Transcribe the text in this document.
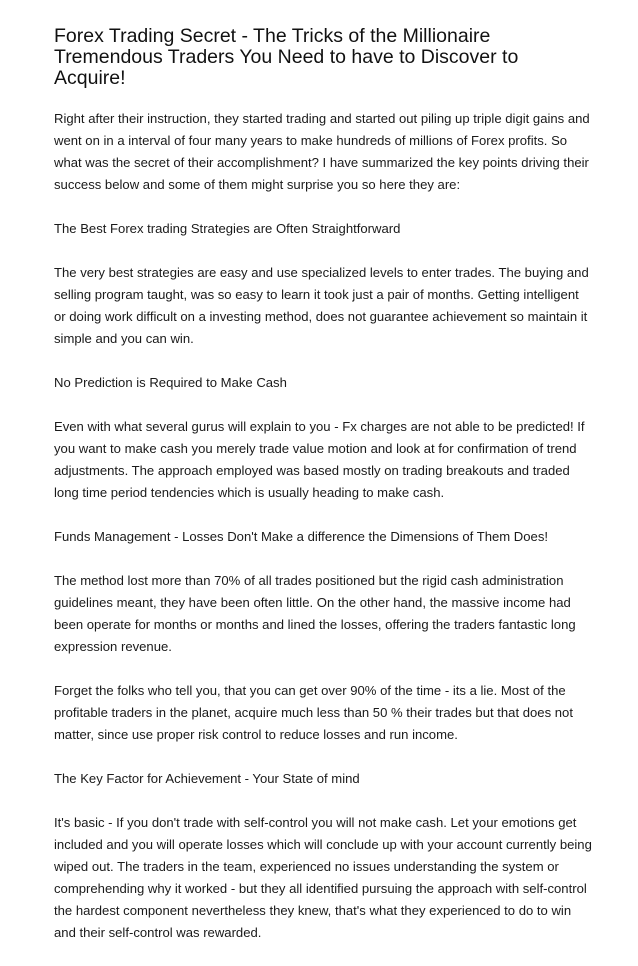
Forex Trading Secret - The Tricks of the Millionaire Tremendous Traders You Need to have to Discover to Acquire!

Right after their instruction, they started trading and started out piling up triple digit gains and went on in a interval of four many years to make hundreds of millions of Forex profits. So what was the secret of their accomplishment? I have summarized the key points driving their success below and some of them might surprise you so here they are:

The Best Forex trading Strategies are Often Straightforward

The very best strategies are easy and use specialized levels to enter trades. The buying and selling program taught, was so easy to learn it took just a pair of months. Getting intelligent or doing work difficult on a investing method, does not guarantee achievement so maintain it simple and you can win.

No Prediction is Required to Make Cash

Even with what several gurus will explain to you - Fx charges are not able to be predicted! If you want to make cash you merely trade value motion and look at for confirmation of trend adjustments. The approach employed was based mostly on trading breakouts and traded long time period tendencies which is usually heading to make cash.

Funds Management - Losses Don't Make a difference the Dimensions of Them Does!

The method lost more than 70% of all trades positioned but the rigid cash administration guidelines meant, they have been often little. On the other hand, the massive income had been operate for months or months and lined the losses, offering the traders fantastic long expression revenue.

Forget the folks who tell you, that you can get over 90% of the time - its a lie. Most of the profitable traders in the planet, acquire much less than 50 % their trades but that does not matter, since use proper risk control to reduce losses and run income.

The Key Factor for Achievement - Your State of mind

It's basic - If you don't trade with self-control you will not make cash. Let your emotions get included and you will operate losses which will conclude up with your account currently being wiped out. The traders in the team, experienced no issues understanding the system or comprehending why it worked - but they all identified pursuing the approach with self-control the hardest component nevertheless they knew, that's what they experienced to do to win and their self-control was rewarded.
